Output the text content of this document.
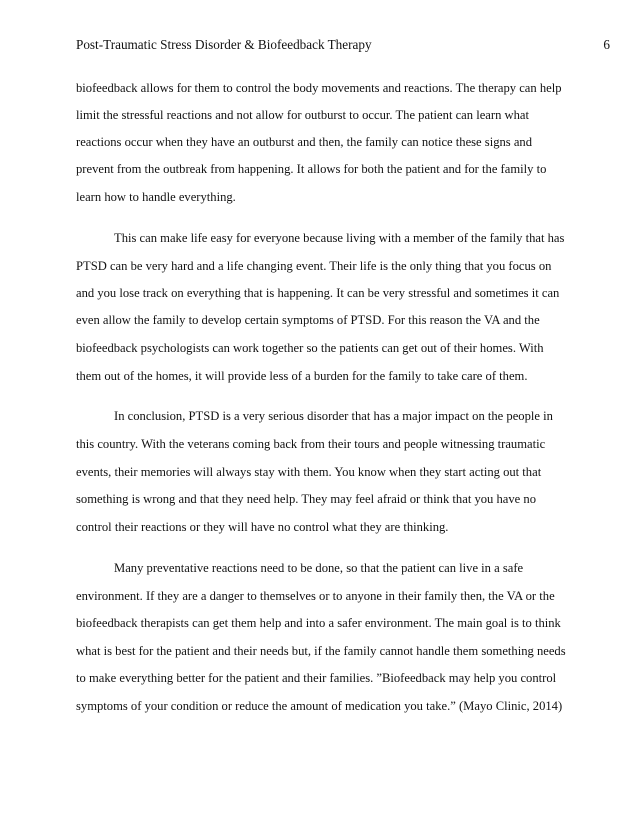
Post-Traumatic Stress Disorder & Biofeedback Therapy	6
biofeedback allows for them to control the body movements and reactions. The therapy can help
limit the stressful reactions and not allow for outburst to occur. The patient can learn what
reactions occur when they have an outburst and then, the family can notice these signs and
prevent from the outbreak from happening. It allows for both the patient and for the family to
learn how to handle everything.
This can make life easy for everyone because living with a member of the family that has
PTSD can be very hard and a life changing event. Their life is the only thing that you focus on
and you lose track on everything that is happening. It can be very stressful and sometimes it can
even allow the family to develop certain symptoms of PTSD. For this reason the VA and the
biofeedback psychologists can work together so the patients can get out of their homes. With
them out of the homes, it will provide less of a burden for the family to take care of them.
In conclusion, PTSD is a very serious disorder that has a major impact on the people in
this country. With the veterans coming back from their tours and people witnessing traumatic
events, their memories will always stay with them. You know when they start acting out that
something is wrong and that they need help. They may feel afraid or think that you have no
control their reactions or they will have no control what they are thinking.
Many preventative reactions need to be done, so that the patient can live in a safe
environment. If they are a danger to themselves or to anyone in their family then, the VA or the
biofeedback therapists can get them help and into a safer environment. The main goal is to think
what is best for the patient and their needs but, if the family cannot handle them something needs
to make everything better for the patient and their families. ”Biofeedback may help you control
symptoms of your condition or reduce the amount of medication you take.” (Mayo Clinic, 2014)
